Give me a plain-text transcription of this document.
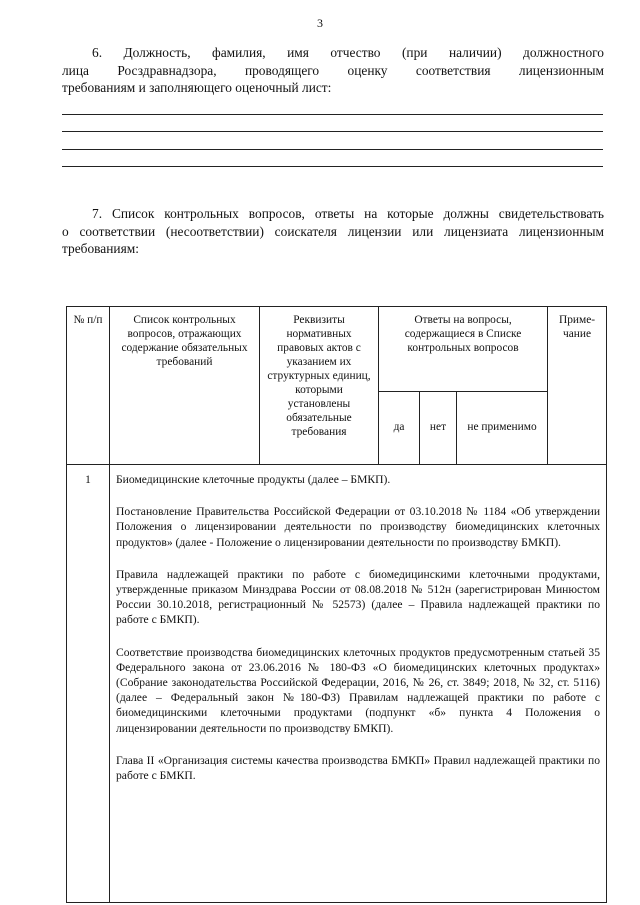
3
6. Должность, фамилия, имя отчество (при наличии) должностного
лица Росздравнадзора, проводящего оценку соответствия лицензионным
требованиям и заполняющего оценочный лист:
7. Список контрольных вопросов, ответы на которые должны свидетельствовать
о соответствии (несоответствии) соискателя лицензии или лицензиата лицензионным
требованиям:
№ п/п	Список контрольных вопросов, отражающих содержание обязательных требований	Реквизиты нормативных правовых актов с указанием их структурных единиц, которыми установлены обязательные требования	Ответы на вопросы, содержащиеся в Списке контрольных вопросов			Приме-чание
			да	нет	не применимо	
1	Биомедицинские клеточные продукты (далее – БМКП).
Постановление Правительства Российской Федерации от 03.10.2018 № 1184 «Об утверждении Положения о лицензировании деятельности по производству биомедицинских клеточных продуктов» (далее - Положение о лицензировании деятельности по производству БМКП).
Правила надлежащей практики по работе с биомедицинскими клеточными продуктами, утвержденные приказом Минздрава России от 08.08.2018 № 512н (зарегистрирован Минюстом России 30.10.2018, регистрационный № 52573) (далее – Правила надлежащей практики по работе с БМКП).
Соответствие производства биомедицинских клеточных продуктов предусмотренным статьей 35 Федерального закона от 23.06.2016 № 180-ФЗ «О биомедицинских клеточных продуктах» (Собрание законодательства Российской Федерации, 2016, № 26, ст. 3849; 2018, № 32, ст. 5116) (далее – Федеральный закон №180-ФЗ) Правилам надлежащей практики по работе с биомедицинскими клеточными продуктами (подпункт «б» пункта 4 Положения о лицензировании деятельности по производству БМКП).
Глава II «Организация системы качества производства БМКП» Правил надлежащей практики по работе с БМКП.					
